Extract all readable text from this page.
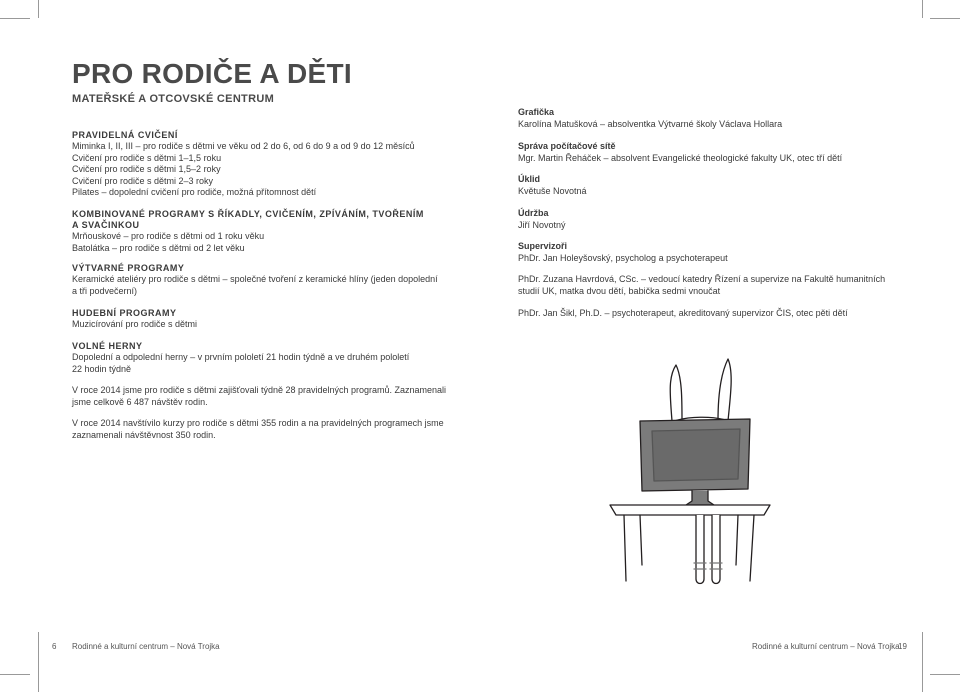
PRO RODIČE A DĚTI
MATEŘSKÉ A OTCOVSKÉ CENTRUM

PRAVIDELNÁ CVIČENÍ

Miminka I, II, III – pro rodiče s dětmi ve věku od 2 do 6, od 6 do 9 a od 9 do 12 měsíců

Cvičení pro rodiče s dětmi 1–1,5 roku

Cvičení pro rodiče s dětmi 1,5–2 roky

Cvičení pro rodiče s dětmi 2–3 roky

Pilates – dopolední cvičení pro rodiče, možná přítomnost dětí

KOMBINOVANÉ PROGRAMY S ŘÍKADLY, CVIČENÍM, ZPÍVÁNÍM, TVOŘENÍM

A SVAČINKOU

Mrňouskové – pro rodiče s dětmi od 1 roku věku

Batolátka – pro rodiče s dětmi od 2 let věku

VÝTVARNÉ PROGRAMY

Keramické ateliéry pro rodiče s dětmi – společné tvoření z keramické hlíny (jeden dopolední

a tři podvečerní)

HUDEBNÍ PROGRAMY

Muzicírování pro rodiče s dětmi

VOLNÉ HERNY

Dopolední a odpolední herny – v prvním pololetí 21 hodin týdně a ve druhém pololetí

22 hodin týdně

V roce 2014 jsme pro rodiče s dětmi zajišťovali týdně 28 pravidelných programů. Zaznamenali

jsme celkově 6 487 návštěv rodin.

V roce 2014 navštívilo kurzy pro rodiče s dětmi 355 rodin a na pravidelných programech jsme

zaznamenali návštěvnost 350 rodin.

Grafička

Karolína Matušková – absolventka Výtvarné školy Václava Hollara

Správa počítačové sítě

Mgr. Martin Řeháček – absolvent Evangelické theologické fakulty UK, otec tří dětí

Úklid

Květuše Novotná

Údržba

Jiří Novotný

Supervizoři

PhDr. Jan Holeyšovský, psycholog a psychoterapeut

PhDr. Zuzana Havrdová, CSc. – vedoucí katedry Řízení a supervize na Fakultě humanitních

studií UK, matka dvou dětí, babička sedmi vnoučat

PhDr. Jan Šikl, Ph.D. – psychoterapeut, akreditovaný supervizor ČIS, otec pěti dětí

6 Rodinné a kulturní centrum – Nová Trojka	Rodinné a kulturní centrum – Nová Trojka
19
